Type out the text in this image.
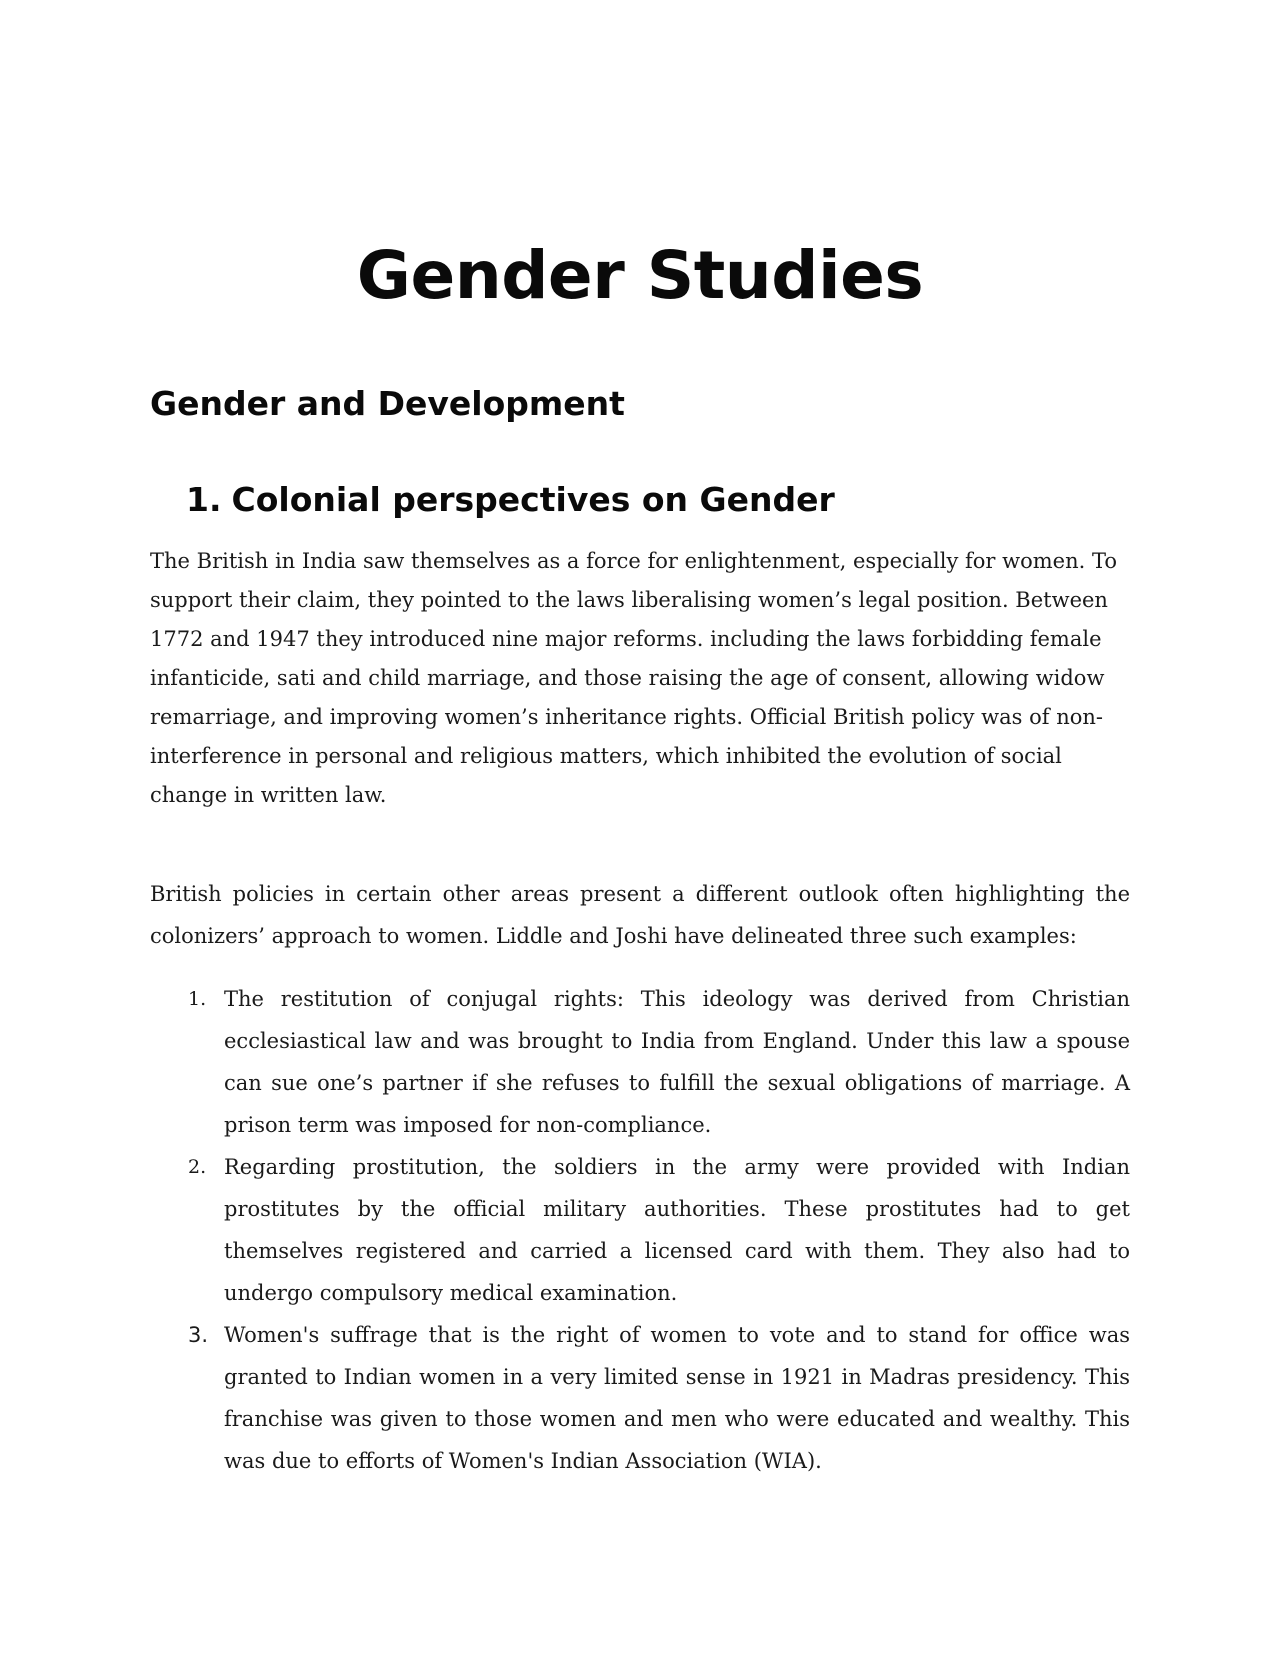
Gender Studies
Gender and Development
1. Colonial perspectives on Gender

The British in India saw themselves as a force for enlightenment, especially for women. To support their claim, they pointed to the laws liberalising women’s legal position. Between 1772 and 1947 they introduced nine major reforms. including the laws forbidding female infanticide, sati and child marriage, and those raising the age of consent, allowing widow remarriage, and improving women’s inheritance rights. Official British policy was of non-interference in personal and religious matters, which inhibited the evolution of social change in written law.

British policies in certain other areas present a different outlook often highlighting the colonizers’ approach to women. Liddle and Joshi have delineated three such examples:

1. The restitution of conjugal rights: This ideology was derived from Christian ecclesiastical law and was brought to India from England. Under this law a spouse can sue one’s partner if she refuses to fulfill the sexual obligations of marriage. A prison term was imposed for non-compliance.
2. Regarding prostitution, the soldiers in the army were provided with Indian prostitutes by the official military authorities. These prostitutes had to get themselves registered and carried a licensed card with them. They also had to undergo compulsory medical examination.
3. Women's suffrage that is the right of women to vote and to stand for office was granted to Indian women in a very limited sense in 1921 in Madras presidency. This franchise was given to those women and men who were educated and wealthy. This was due to efforts of Women's Indian Association (WIA).
